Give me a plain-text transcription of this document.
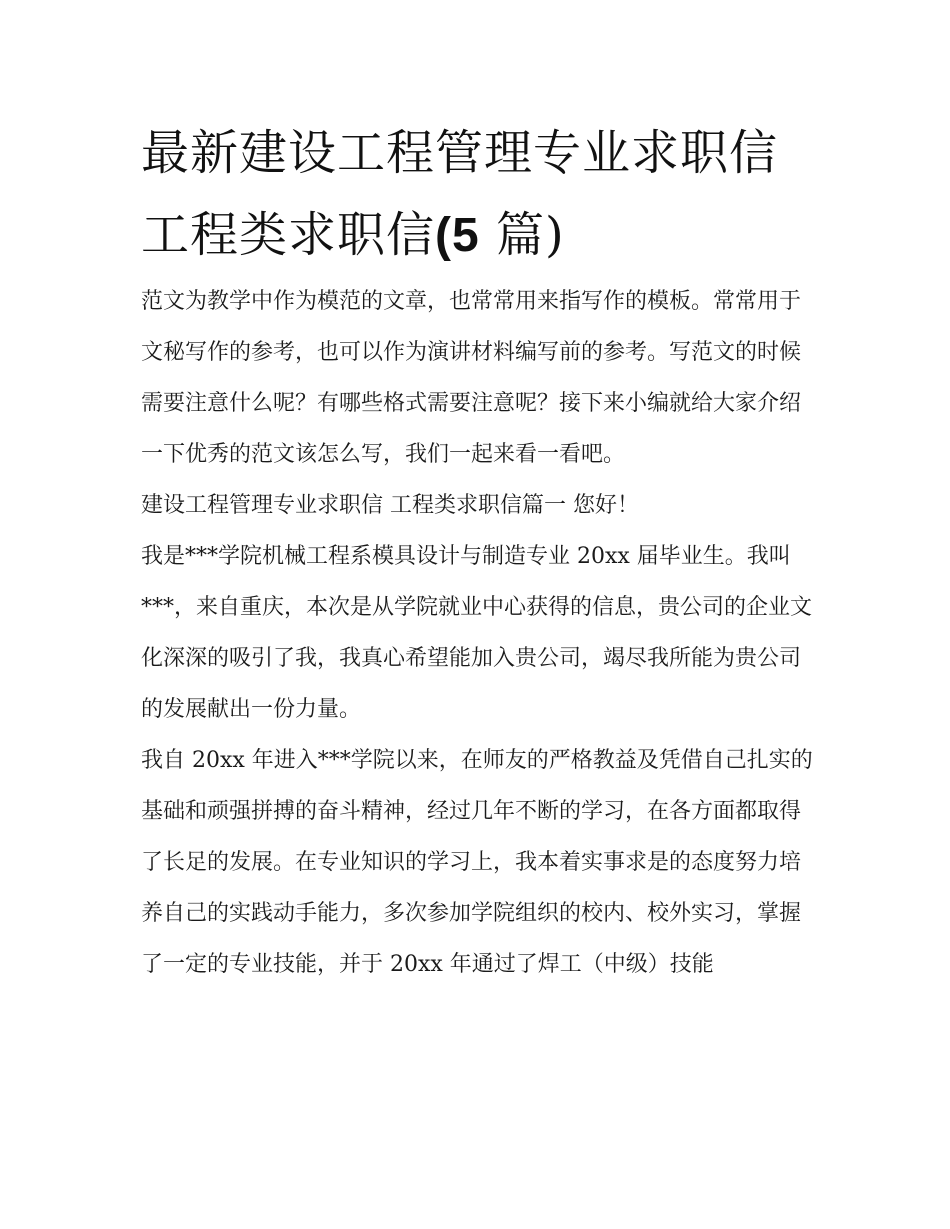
最新建设工程管理专业求职信工程类求职信(5 篇)

范文为教学中作为模范的文章，也常常用来指写作的模板。常常用于文秘写作的参考，也可以作为演讲材料编写前的参考。写范文的时候需要注意什么呢？有哪些格式需要注意呢？接下来小编就给大家介绍一下优秀的范文该怎么写，我们一起来看一看吧。

建设工程管理专业求职信 工程类求职信篇一 您好！

我是***学院机械工程系模具设计与制造专业 20xx 届毕业生。我叫***，来自重庆，本次是从学院就业中心获得的信息，贵公司的企业文化深深的吸引了我，我真心希望能加入贵公司，竭尽我所能为贵公司的发展献出一份力量。

我自 20xx 年进入***学院以来，在师友的严格教益及凭借自己扎实的基础和顽强拼搏的奋斗精神，经过几年不断的学习，在各方面都取得了长足的发展。在专业知识的学习上，我本着实事求是的态度努力培养自己的实践动手能力，多次参加学院组织的校内、校外实习，掌握了一定的专业技能，并于 20xx 年通过了焊工（中级）技能
